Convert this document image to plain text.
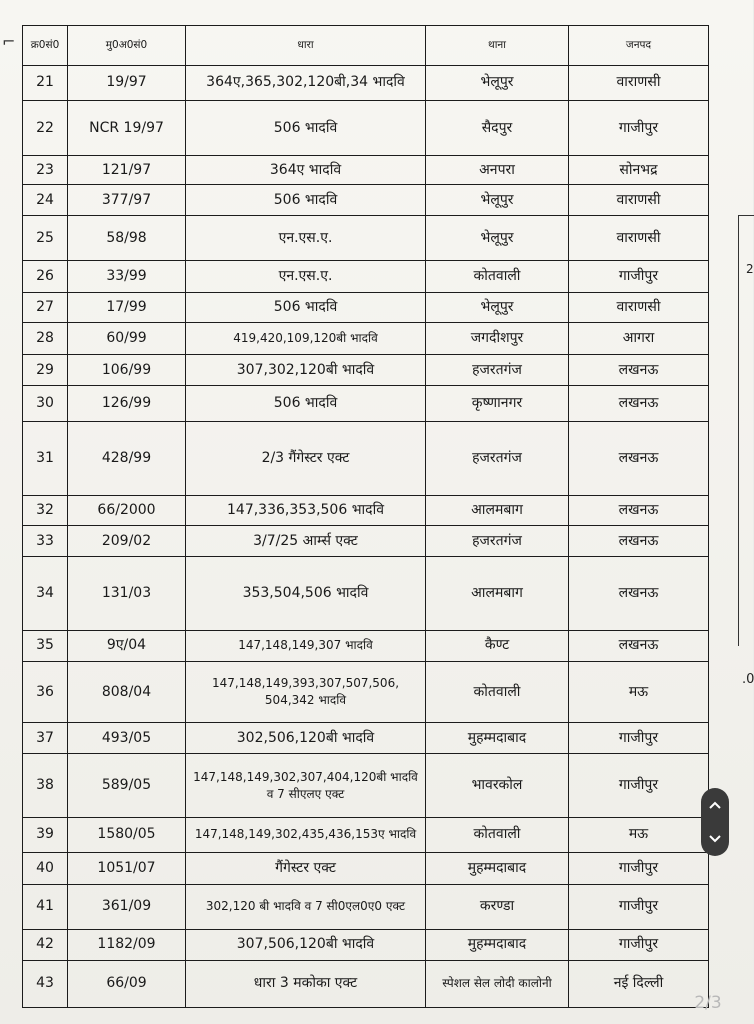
⌐ क्र0सं0	मु0अ0सं0	धारा	थाना	जनपद
21	19/97	364ए,365,302,120बी,34 भादवि	भेलूपुर	वाराणसी
22	NCR 19/97	506 भादवि	सैदपुर	गाजीपुर
23	121/97	364ए भादवि	अनपरा	सोनभद्र
24	377/97	506 भादवि	भेलूपुर	वाराणसी
25	58/98	एन.एस.ए.	भेलूपुर	वाराणसी
26	33/99	एन.एस.ए.	कोतवाली	गाजीपुर
27	17/99	506 भादवि	भेलूपुर	वाराणसी
28	60/99	419,420,109,120बी भादवि	जगदीशपुर	आगरा
29	106/99	307,302,120बी भादवि	हजरतगंज	लखनऊ
30	126/99	506 भादवि	कृष्णानगर	लखनऊ
31	428/99	2/3 गैंगेस्टर एक्ट	हजरतगंज	लखनऊ
32	66/2000	147,336,353,506 भादवि	आलमबाग	लखनऊ
33	209/02	3/7/25 आर्म्स एक्ट	हजरतगंज	लखनऊ
34	131/03	353,504,506 भादवि	आलमबाग	लखनऊ
35	9ए/04	147,148,149,307 भादवि	कैण्ट	लखनऊ
36	808/04	147,148,149,393,307,507,506, 504,342 भादवि	कोतवाली	मऊ
37	493/05	302,506,120बी भादवि	मुहम्मदाबाद	गाजीपुर
38	589/05	147,148,149,302,307,404,120बी भादवि व 7 सीएलए एक्ट	भावरकोल	गाजीपुर
39	1580/05	147,148,149,302,435,436,153ए भादवि	कोतवाली	मऊ
40	1051/07	गैंगेस्टर एक्ट	मुहम्मदाबाद	गाजीपुर
41	361/09	302,120 बी भादवि व 7 सी0एल0ए0 एक्ट	करण्डा	गाजीपुर
42	1182/09	307,506,120बी भादवि	मुहम्मदाबाद	गाजीपुर
43	66/09	धारा 3 मकोका एक्ट	स्पेशल सेल लोदी कालोनी	नई दिल्ली
2
.0
2/3
